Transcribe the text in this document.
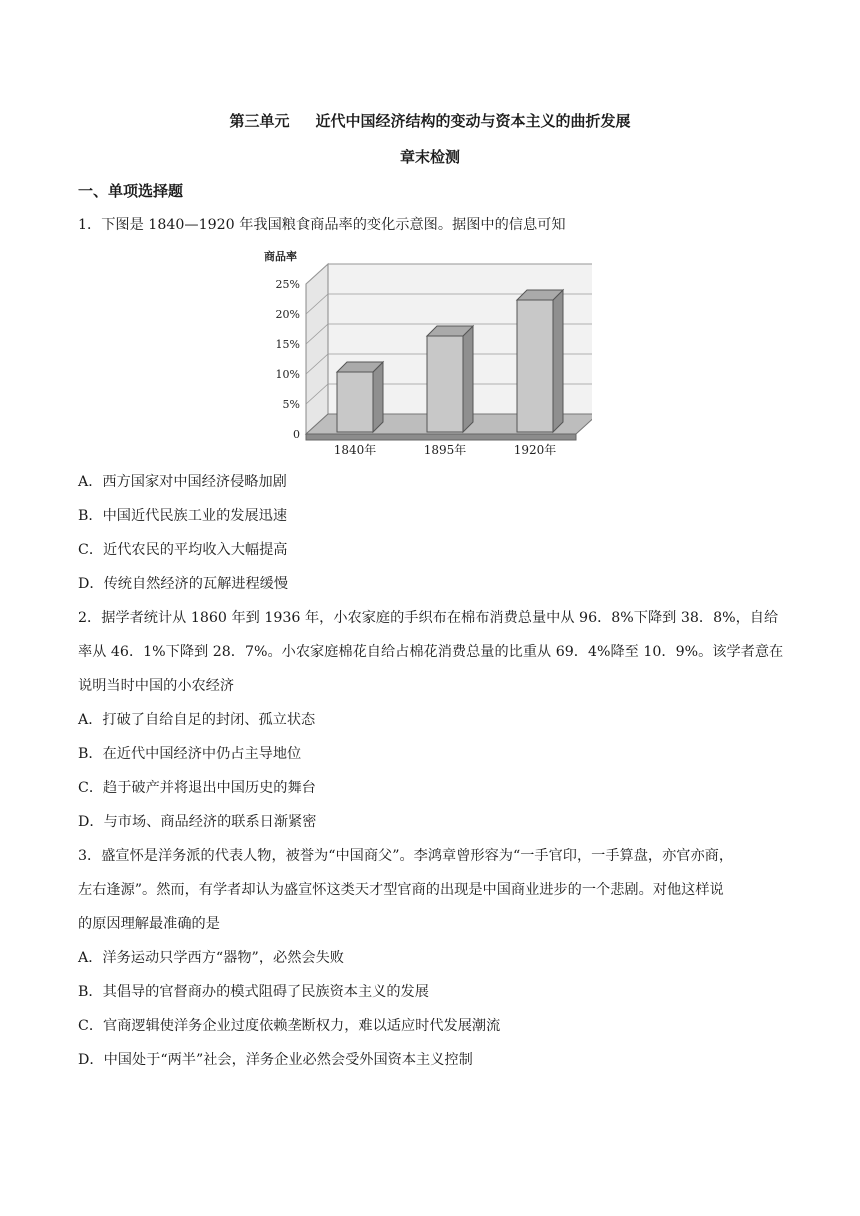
第三单元 近代中国经济结构的变动与资本主义的曲折发展
章末检测
一、单项选择题
1．下图是 1840—1920 年我国粮食商品率的变化示意图。据图中的信息可知
0
5%
10%
15%
20%
25%
商品率
1840年	1895年	1920年
A．西方国家对中国经济侵略加剧
B．中国近代民族工业的发展迅速
C．近代农民的平均收入大幅提高
D．传统自然经济的瓦解进程缓慢
2．据学者统计从 1860 年到 1936 年，小农家庭的手织布在棉布消费总量中从 96．8%下降到 38．8%，自给
率从 46．1%下降到 28．7%。小农家庭棉花自给占棉花消费总量的比重从 69．4%降至 10．9%。该学者意在
说明当时中国的小农经济
A．打破了自给自足的封闭、孤立状态
B．在近代中国经济中仍占主导地位
C．趋于破产并将退出中国历史的舞台
D．与市场、商品经济的联系日渐紧密
3．盛宣怀是洋务派的代表人物，被誉为“中国商父”。李鸿章曾形容为“一手官印，一手算盘，亦官亦商，
左右逢源”。然而，有学者却认为盛宣怀这类天才型官商的出现是中国商业进步的一个悲剧。对他这样说
的原因理解最准确的是
A．洋务运动只学西方“器物”，必然会失败
B．其倡导的官督商办的模式阻碍了民族资本主义的发展
C．官商逻辑使洋务企业过度依赖垄断权力，难以适应时代发展潮流
D．中国处于“两半”社会，洋务企业必然会受外国资本主义控制
